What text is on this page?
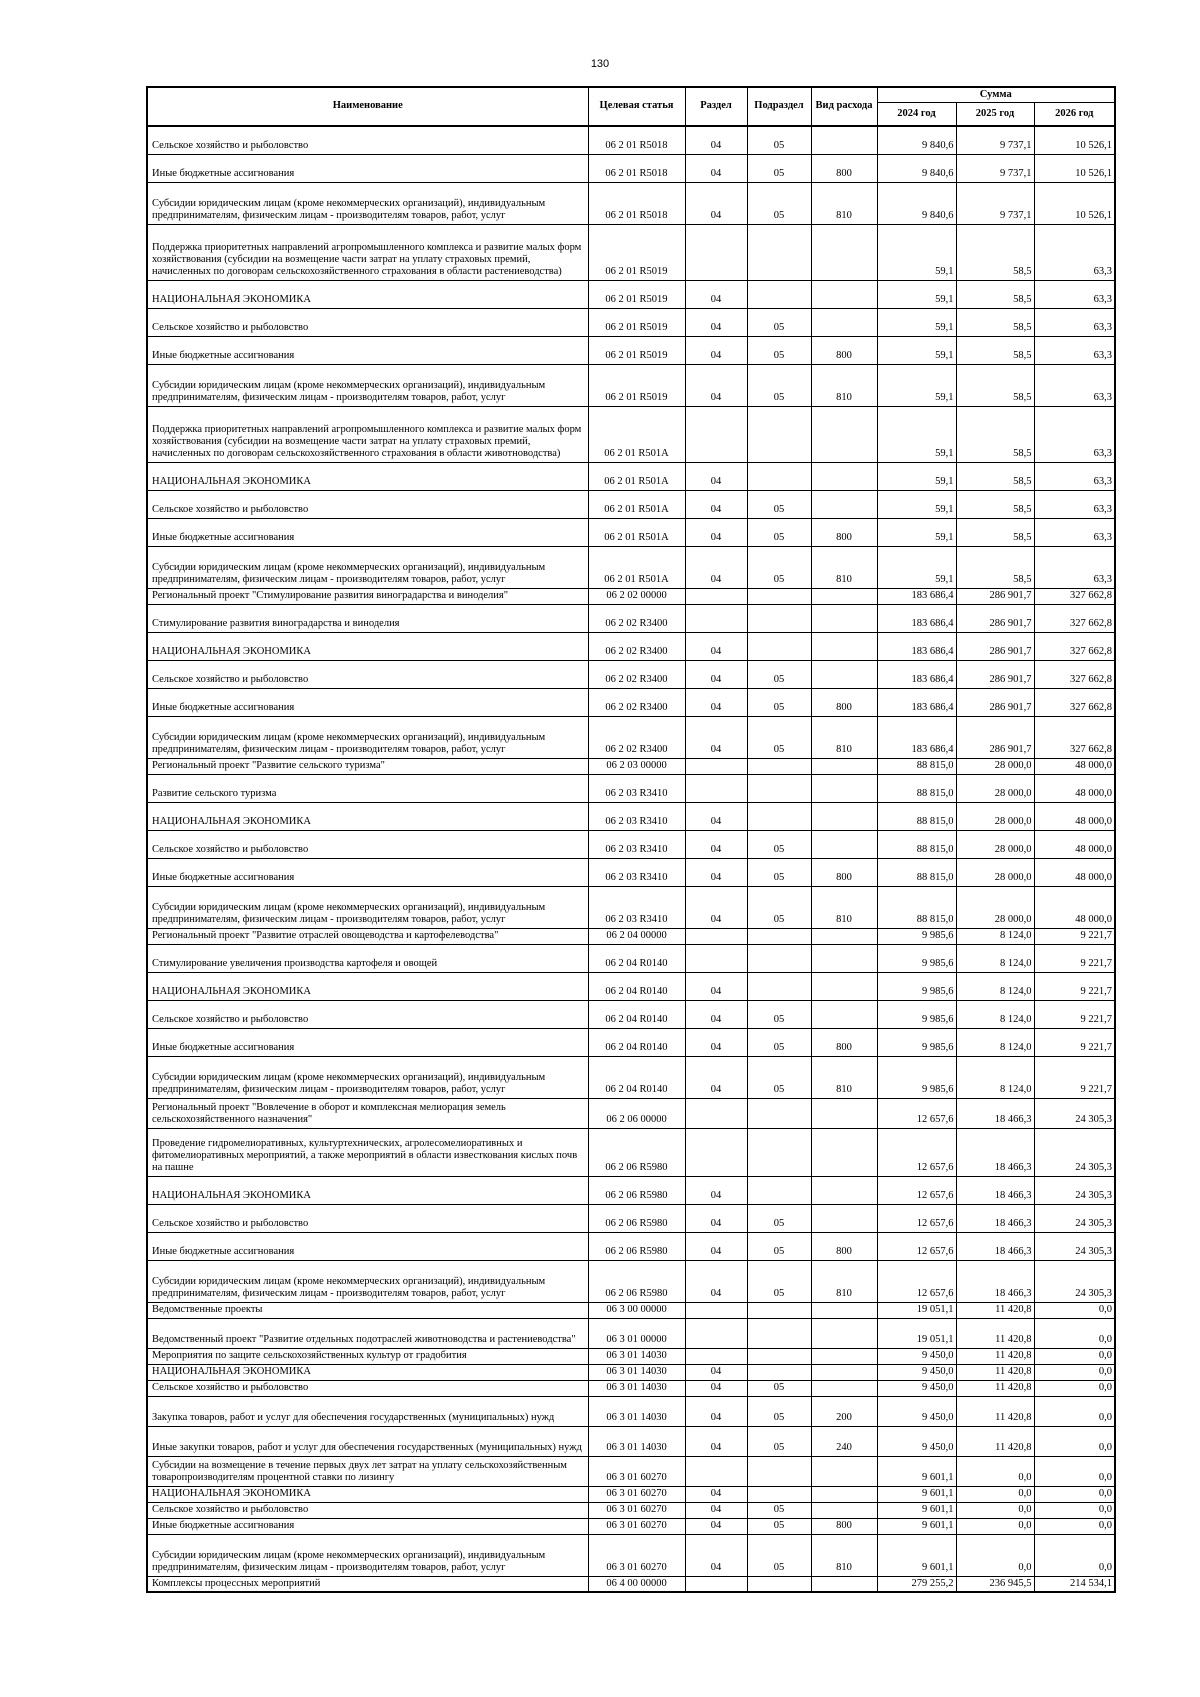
130
Наименование	Целевая статья	Раздел	Подраздел	Вид расхода	Сумма		
					2024 год	2025 год	2026 год
Сельское хозяйство и рыболовство	06 2 01 R5018	04	05		9 840,6	9 737,1	10 526,1
Иные бюджетные ассигнования	06 2 01 R5018	04	05	800	9 840,6	9 737,1	10 526,1
Субсидии юридическим лицам (кроме некоммерческих организаций), индивидуальным предпринимателям, физическим лицам - производителям товаров, работ, услуг	06 2 01 R5018	04	05	810	9 840,6	9 737,1	10 526,1
Поддержка приоритетных направлений агропромышленного комплекса и развитие малых форм хозяйствования (субсидии на возмещение части затрат на уплату страховых премий, начисленных по договорам сельскохозяйственного страхования в области растениеводства)	06 2 01 R5019				59,1	58,5	63,3
НАЦИОНАЛЬНАЯ ЭКОНОМИКА	06 2 01 R5019	04			59,1	58,5	63,3
Сельское хозяйство и рыболовство	06 2 01 R5019	04	05		59,1	58,5	63,3
Иные бюджетные ассигнования	06 2 01 R5019	04	05	800	59,1	58,5	63,3
Субсидии юридическим лицам (кроме некоммерческих организаций), индивидуальным предпринимателям, физическим лицам - производителям товаров, работ, услуг	06 2 01 R5019	04	05	810	59,1	58,5	63,3
Поддержка приоритетных направлений агропромышленного комплекса и развитие малых форм хозяйствования (субсидии на возмещение части затрат на уплату страховых премий, начисленных по договорам сельскохозяйственного страхования в области животноводства)	06 2 01 R501A				59,1	58,5	63,3
НАЦИОНАЛЬНАЯ ЭКОНОМИКА	06 2 01 R501A	04			59,1	58,5	63,3
Сельское хозяйство и рыболовство	06 2 01 R501A	04	05		59,1	58,5	63,3
Иные бюджетные ассигнования	06 2 01 R501A	04	05	800	59,1	58,5	63,3
Субсидии юридическим лицам (кроме некоммерческих организаций), индивидуальным предпринимателям, физическим лицам - производителям товаров, работ, услуг	06 2 01 R501A	04	05	810	59,1	58,5	63,3
Региональный проект "Стимулирование развития виноградарства и виноделия"	06 2 02 00000				183 686,4	286 901,7	327 662,8
Стимулирование развития виноградарства и виноделия	06 2 02 R3400				183 686,4	286 901,7	327 662,8
НАЦИОНАЛЬНАЯ ЭКОНОМИКА	06 2 02 R3400	04			183 686,4	286 901,7	327 662,8
Сельское хозяйство и рыболовство	06 2 02 R3400	04	05		183 686,4	286 901,7	327 662,8
Иные бюджетные ассигнования	06 2 02 R3400	04	05	800	183 686,4	286 901,7	327 662,8
Субсидии юридическим лицам (кроме некоммерческих организаций), индивидуальным предпринимателям, физическим лицам - производителям товаров, работ, услуг	06 2 02 R3400	04	05	810	183 686,4	286 901,7	327 662,8
Региональный проект "Развитие сельского туризма"	06 2 03 00000				88 815,0	28 000,0	48 000,0
Развитие сельского туризма	06 2 03 R3410				88 815,0	28 000,0	48 000,0
НАЦИОНАЛЬНАЯ ЭКОНОМИКА	06 2 03 R3410	04			88 815,0	28 000,0	48 000,0
Сельское хозяйство и рыболовство	06 2 03 R3410	04	05		88 815,0	28 000,0	48 000,0
Иные бюджетные ассигнования	06 2 03 R3410	04	05	800	88 815,0	28 000,0	48 000,0
Субсидии юридическим лицам (кроме некоммерческих организаций), индивидуальным предпринимателям, физическим лицам - производителям товаров, работ, услуг	06 2 03 R3410	04	05	810	88 815,0	28 000,0	48 000,0
Региональный проект "Развитие отраслей овощеводства и картофелеводства"	06 2 04 00000				9 985,6	8 124,0	9 221,7
Стимулирование увеличения производства картофеля и овощей	06 2 04 R0140				9 985,6	8 124,0	9 221,7
НАЦИОНАЛЬНАЯ ЭКОНОМИКА	06 2 04 R0140	04			9 985,6	8 124,0	9 221,7
Сельское хозяйство и рыболовство	06 2 04 R0140	04	05		9 985,6	8 124,0	9 221,7
Иные бюджетные ассигнования	06 2 04 R0140	04	05	800	9 985,6	8 124,0	9 221,7
Субсидии юридическим лицам (кроме некоммерческих организаций), индивидуальным предпринимателям, физическим лицам - производителям товаров, работ, услуг	06 2 04 R0140	04	05	810	9 985,6	8 124,0	9 221,7
Региональный проект "Вовлечение в оборот и комплексная мелиорация земель сельскохозяйственного назначения"	06 2 06 00000				12 657,6	18 466,3	24 305,3
Проведение гидромелиоративных, культуртехнических, агролесомелиоративных и фитомелиоративных мероприятий, а также мероприятий в области известкования кислых почв на пашне	06 2 06 R5980				12 657,6	18 466,3	24 305,3
НАЦИОНАЛЬНАЯ ЭКОНОМИКА	06 2 06 R5980	04			12 657,6	18 466,3	24 305,3
Сельское хозяйство и рыболовство	06 2 06 R5980	04	05		12 657,6	18 466,3	24 305,3
Иные бюджетные ассигнования	06 2 06 R5980	04	05	800	12 657,6	18 466,3	24 305,3
Субсидии юридическим лицам (кроме некоммерческих организаций), индивидуальным предпринимателям, физическим лицам - производителям товаров, работ, услуг	06 2 06 R5980	04	05	810	12 657,6	18 466,3	24 305,3
Ведомственные проекты	06 3 00 00000				19 051,1	11 420,8	0,0
Ведомственный проект "Развитие отдельных подотраслей животноводства и растениеводства"	06 3 01 00000				19 051,1	11 420,8	0,0
Мероприятия по защите сельскохозяйственных культур от градобития	06 3 01 14030				9 450,0	11 420,8	0,0
НАЦИОНАЛЬНАЯ ЭКОНОМИКА	06 3 01 14030	04			9 450,0	11 420,8	0,0
Сельское хозяйство и рыболовство	06 3 01 14030	04	05		9 450,0	11 420,8	0,0
Закупка товаров, работ и услуг для обеспечения государственных (муниципальных) нужд	06 3 01 14030	04	05	200	9 450,0	11 420,8	0,0
Иные закупки товаров, работ и услуг для обеспечения государственных (муниципальных) нужд	06 3 01 14030	04	05	240	9 450,0	11 420,8	0,0
Субсидии на возмещение в течение первых двух лет затрат на уплату сельскохозяйственным товаропроизводителям процентной ставки по лизингу	06 3 01 60270				9 601,1	0,0	0,0
НАЦИОНАЛЬНАЯ ЭКОНОМИКА	06 3 01 60270	04			9 601,1	0,0	0,0
Сельское хозяйство и рыболовство	06 3 01 60270	04	05		9 601,1	0,0	0,0
Иные бюджетные ассигнования	06 3 01 60270	04	05	800	9 601,1	0,0	0,0
Субсидии юридическим лицам (кроме некоммерческих организаций), индивидуальным предпринимателям, физическим лицам - производителям товаров, работ, услуг	06 3 01 60270	04	05	810	9 601,1	0,0	0,0
Комплексы процессных мероприятий	06 4 00 00000				279 255,2	236 945,5	214 534,1
